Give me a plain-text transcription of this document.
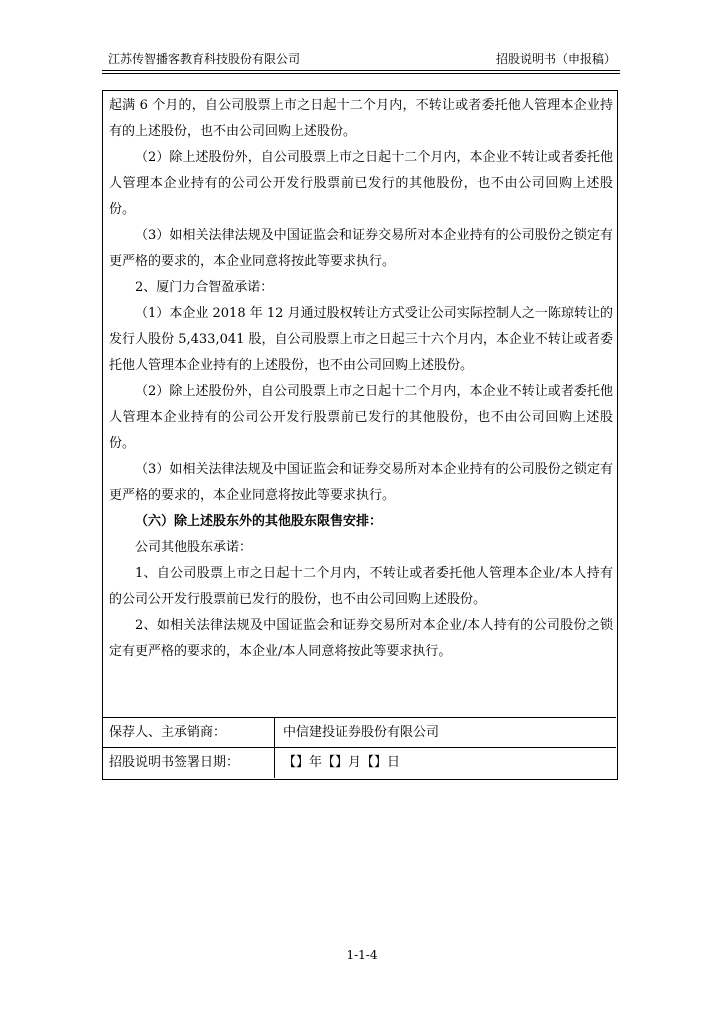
江苏传智播客教育科技股份有限公司	招股说明书（申报稿）

起满 6 个月的，自公司股票上市之日起十二个月内，不转让或者委托他人管理本企业持有的上述股份，也不由公司回购上述股份。

（2）除上述股份外，自公司股票上市之日起十二个月内，本企业不转让或者委托他人管理本企业持有的公司公开发行股票前已发行的其他股份，也不由公司回购上述股份。

（3）如相关法律法规及中国证监会和证券交易所对本企业持有的公司股份之锁定有更严格的要求的，本企业同意将按此等要求执行。

2、厦门力合智盈承诺：

（1）本企业 2018 年 12 月通过股权转让方式受让公司实际控制人之一陈琼转让的发行人股份 5,433,041 股，自公司股票上市之日起三十六个月内，本企业不转让或者委托他人管理本企业持有的上述股份，也不由公司回购上述股份。

（2）除上述股份外，自公司股票上市之日起十二个月内，本企业不转让或者委托他人管理本企业持有的公司公开发行股票前已发行的其他股份，也不由公司回购上述股份。

（3）如相关法律法规及中国证监会和证券交易所对本企业持有的公司股份之锁定有更严格的要求的，本企业同意将按此等要求执行。

（六）除上述股东外的其他股东限售安排：

公司其他股东承诺：

1、自公司股票上市之日起十二个月内，不转让或者委托他人管理本企业/本人持有的公司公开发行股票前已发行的股份，也不由公司回购上述股份。

2、如相关法律法规及中国证监会和证券交易所对本企业/本人持有的公司股份之锁定有更严格的要求的，本企业/本人同意将按此等要求执行。

保荐人、主承销商：	中信建投证券股份有限公司
招股说明书签署日期：	【】年【】月【】日
1-1-4
